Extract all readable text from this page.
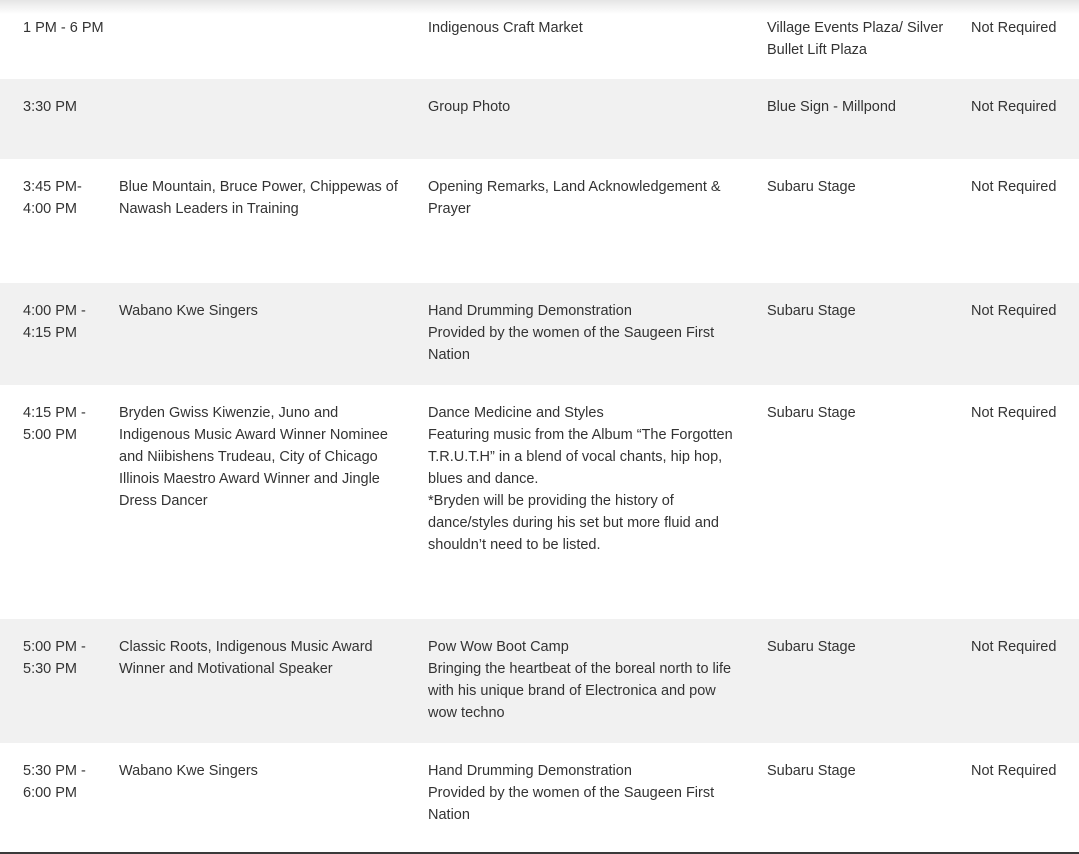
1 PM - 6 PM		Indigenous Craft Market	Village Events Plaza/ Silver Bullet Lift Plaza	Not Required
3:30 PM		Group Photo	Blue Sign - Millpond	Not Required
3:45 PM- 4:00 PM	Blue Mountain, Bruce Power, Chippewas of Nawash Leaders in Training	Opening Remarks, Land Acknowledgement & Prayer	Subaru Stage	Not Required
4:00 PM - 4:15 PM	Wabano Kwe Singers	Hand Drumming Demonstration
Provided by the women of the Saugeen First Nation	Subaru Stage	Not Required
4:15 PM - 5:00 PM	Bryden Gwiss Kiwenzie, Juno and Indigenous Music Award Winner Nominee and Niibishens Trudeau, City of Chicago Illinois Maestro Award Winner and Jingle Dress Dancer	Dance Medicine and Styles
Featuring music from the Album “The Forgotten T.R.U.T.H” in a blend of vocal chants, hip hop, blues and dance.
*Bryden will be providing the history of dance/styles during his set but more fluid and shouldn’t need to be listed.	Subaru Stage	Not Required
5:00 PM - 5:30 PM	Classic Roots, Indigenous Music Award Winner and Motivational Speaker	Pow Wow Boot Camp
Bringing the heartbeat of the boreal north to life with his unique brand of Electronica and pow wow techno	Subaru Stage	Not Required
5:30 PM - 6:00 PM	Wabano Kwe Singers	Hand Drumming Demonstration
Provided by the women of the Saugeen First Nation	Subaru Stage	Not Required
